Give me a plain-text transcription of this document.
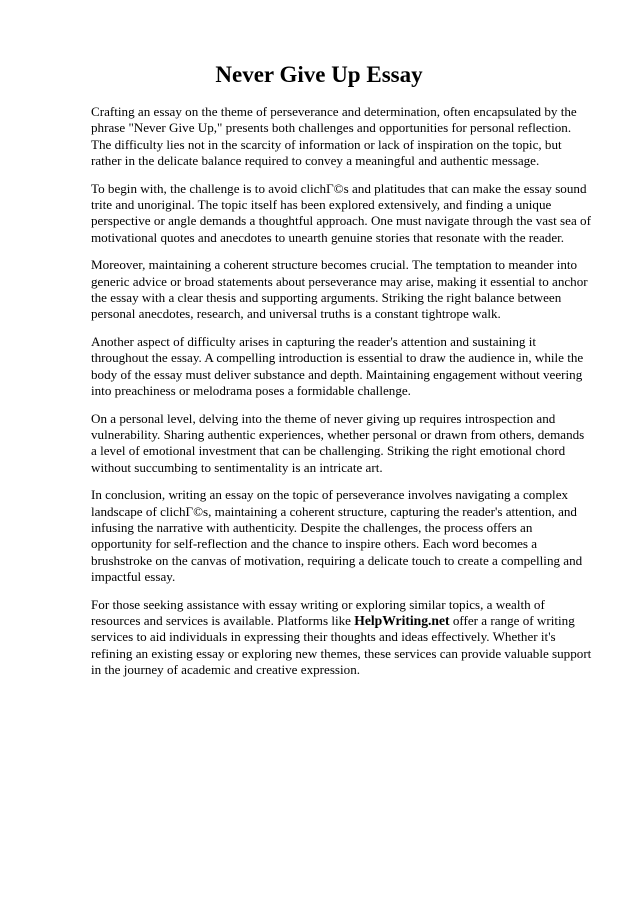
Never Give Up Essay

Crafting an essay on the theme of perseverance and determination, often encapsulated by the phrase "Never Give Up," presents both challenges and opportunities for personal reflection. The difficulty lies not in the scarcity of information or lack of inspiration on the topic, but rather in the delicate balance required to convey a meaningful and authentic message.

To begin with, the challenge is to avoid clichГ©s and platitudes that can make the essay sound trite and unoriginal. The topic itself has been explored extensively, and finding a unique perspective or angle demands a thoughtful approach. One must navigate through the vast sea of motivational quotes and anecdotes to unearth genuine stories that resonate with the reader.

Moreover, maintaining a coherent structure becomes crucial. The temptation to meander into generic advice or broad statements about perseverance may arise, making it essential to anchor the essay with a clear thesis and supporting arguments. Striking the right balance between personal anecdotes, research, and universal truths is a constant tightrope walk.

Another aspect of difficulty arises in capturing the reader's attention and sustaining it throughout the essay. A compelling introduction is essential to draw the audience in, while the body of the essay must deliver substance and depth. Maintaining engagement without veering into preachiness or melodrama poses a formidable challenge.

On a personal level, delving into the theme of never giving up requires introspection and vulnerability. Sharing authentic experiences, whether personal or drawn from others, demands a level of emotional investment that can be challenging. Striking the right emotional chord without succumbing to sentimentality is an intricate art.

In conclusion, writing an essay on the topic of perseverance involves navigating a complex landscape of clichГ©s, maintaining a coherent structure, capturing the reader's attention, and infusing the narrative with authenticity. Despite the challenges, the process offers an opportunity for self-reflection and the chance to inspire others. Each word becomes a brushstroke on the canvas of motivation, requiring a delicate touch to create a compelling and impactful essay.

For those seeking assistance with essay writing or exploring similar topics, a wealth of resources and services is available. Platforms like HelpWriting.net offer a range of writing services to aid individuals in expressing their thoughts and ideas effectively. Whether it's refining an existing essay or exploring new themes, these services can provide valuable support in the journey of academic and creative expression.
